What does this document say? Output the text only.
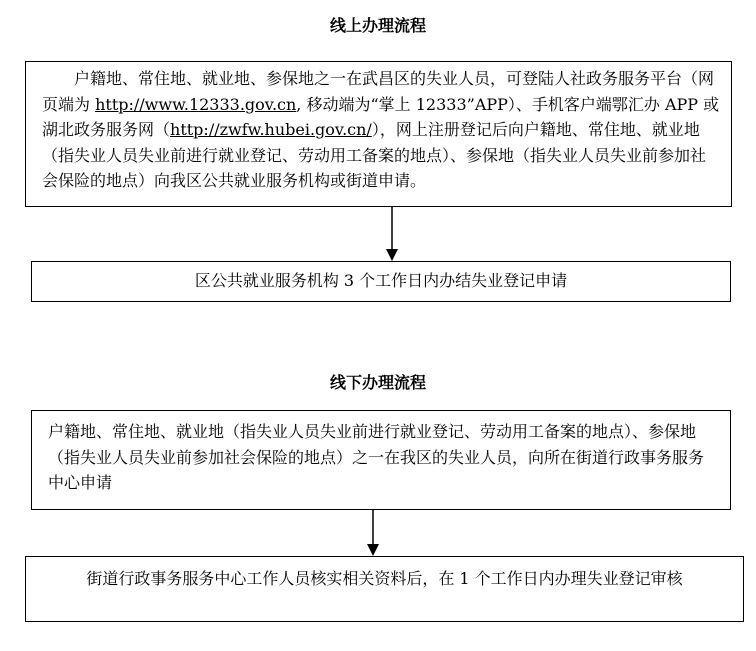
线上办理流程

户籍地、常住地、就业地、参保地之一在武昌区的失业人员，可登陆人社政务服务平台（网页端为 http://www.12333.gov.cn, 移动端为“掌上 12333”APP）、手机客户端鄂汇办 APP 或湖北政务服务网（http://zwfw.hubei.gov.cn/），网上注册登记后向户籍地、常住地、就业地（指失业人员失业前进行就业登记、劳动用工备案的地点）、参保地（指失业人员失业前参加社会保险的地点）向我区公共就业服务机构或街道申请。

区公共就业服务机构 3 个工作日内办结失业登记申请
线下办理流程

户籍地、常住地、就业地（指失业人员失业前进行就业登记、劳动用工备案的地点）、参保地（指失业人员失业前参加社会保险的地点）之一在我区的失业人员，向所在街道行政事务服务中心申请

街道行政事务服务中心工作人员核实相关资料后，在 1 个工作日内办理失业登记审核
